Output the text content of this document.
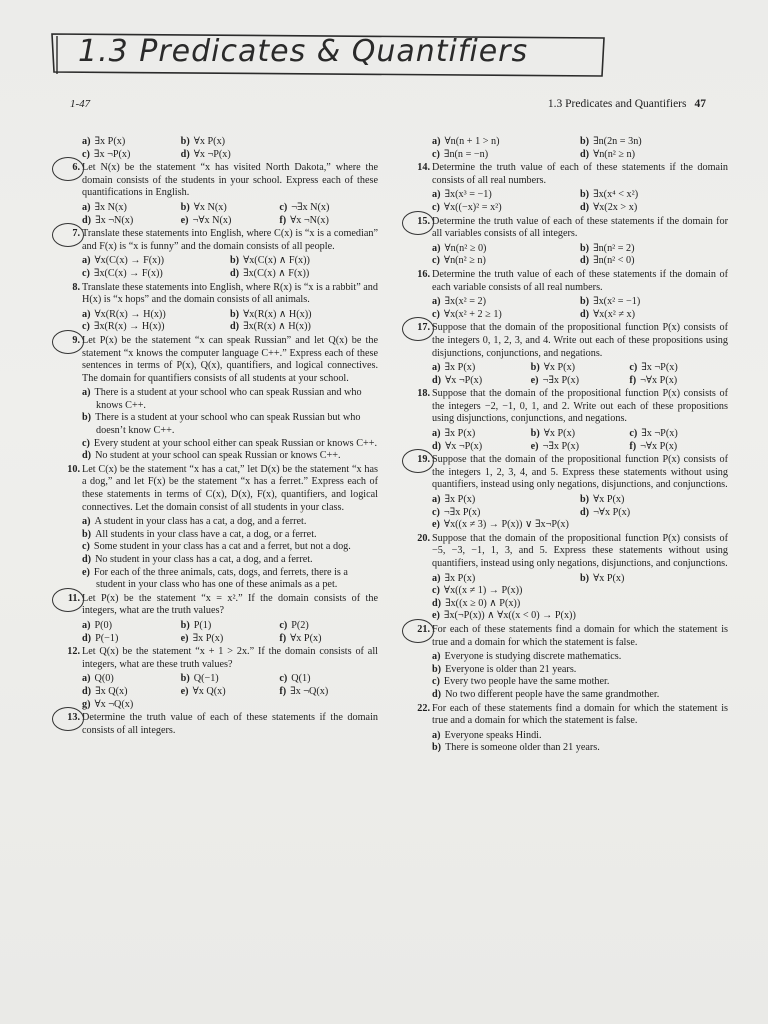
1.3 Predicates & Quantifiers
1-47	1.3 Predicates and Quantifiers 47
a) ∃x P(x)	b) ∀x P(x)
c) ∃x ¬P(x)	d) ∀x ¬P(x)
6. Let N(x) be the statement “x has visited North Dakota,” where the domain consists of the students in your school. Express each of these quantifications in English.
a) ∃x N(x)	b) ∀x N(x)	c) ¬∃x N(x)
d) ∃x ¬N(x)	e) ¬∀x N(x)	f) ∀x ¬N(x)
7. Translate these statements into English, where C(x) is “x is a comedian” and F(x) is “x is funny” and the domain consists of all people.
a) ∀x(C(x) → F(x))	b) ∀x(C(x) ∧ F(x))
c) ∃x(C(x) → F(x))	d) ∃x(C(x) ∧ F(x))
8. Translate these statements into English, where R(x) is “x is a rabbit” and H(x) is “x hops” and the domain consists of all animals.
a) ∀x(R(x) → H(x))	b) ∀x(R(x) ∧ H(x))
c) ∃x(R(x) → H(x))	d) ∃x(R(x) ∧ H(x))
9. Let P(x) be the statement “x can speak Russian” and let Q(x) be the statement “x knows the computer language C++.” Express each of these sentences in terms of P(x), Q(x), quantifiers, and logical connectives. The domain for quantifiers consists of all students at your school.
a) There is a student at your school who can speak Russian and who knows C++.
b) There is a student at your school who can speak Russian but who doesn’t know C++.
c) Every student at your school either can speak Russian or knows C++.
d) No student at your school can speak Russian or knows C++.
10. Let C(x) be the statement “x has a cat,” let D(x) be the statement “x has a dog,” and let F(x) be the statement “x has a ferret.” Express each of these statements in terms of C(x), D(x), F(x), quantifiers, and logical connectives. Let the domain consist of all students in your class.
a) A student in your class has a cat, a dog, and a ferret.
b) All students in your class have a cat, a dog, or a ferret.
c) Some student in your class has a cat and a ferret, but not a dog.
d) No student in your class has a cat, a dog, and a ferret.
e) For each of the three animals, cats, dogs, and ferrets, there is a student in your class who has one of these animals as a pet.
11. Let P(x) be the statement “x = x².” If the domain consists of the integers, what are the truth values?
a) P(0)	b) P(1)	c) P(2)
d) P(−1)	e) ∃x P(x)	f) ∀x P(x)
12. Let Q(x) be the statement “x + 1 > 2x.” If the domain consists of all integers, what are these truth values?
a) Q(0)	b) Q(−1)	c) Q(1)
d) ∃x Q(x)	e) ∀x Q(x)	f) ∃x ¬Q(x)
g) ∀x ¬Q(x)
13. Determine the truth value of each of these statements if the domain consists of all integers.
a) ∀n(n + 1 > n)	b) ∃n(2n = 3n)
c) ∃n(n = −n)	d) ∀n(n² ≥ n)
14. Determine the truth value of each of these statements if the domain consists of all real numbers.
a) ∃x(x³ = −1)	b) ∃x(x⁴ < x²)
c) ∀x((−x)² = x²)	d) ∀x(2x > x)
15. Determine the truth value of each of these statements if the domain for all variables consists of all integers.
a) ∀n(n² ≥ 0)	b) ∃n(n² = 2)
c) ∀n(n² ≥ n)	d) ∃n(n² < 0)
16. Determine the truth value of each of these statements if the domain of each variable consists of all real numbers.
a) ∃x(x² = 2)	b) ∃x(x² = −1)
c) ∀x(x² + 2 ≥ 1)	d) ∀x(x² ≠ x)
17. Suppose that the domain of the propositional function P(x) consists of the integers 0, 1, 2, 3, and 4. Write out each of these propositions using disjunctions, conjunctions, and negations.
a) ∃x P(x)	b) ∀x P(x)	c) ∃x ¬P(x)
d) ∀x ¬P(x)	e) ¬∃x P(x)	f) ¬∀x P(x)
18. Suppose that the domain of the propositional function P(x) consists of the integers −2, −1, 0, 1, and 2. Write out each of these propositions using disjunctions, conjunctions, and negations.
a) ∃x P(x)	b) ∀x P(x)	c) ∃x ¬P(x)
d) ∀x ¬P(x)	e) ¬∃x P(x)	f) ¬∀x P(x)
19. Suppose that the domain of the propositional function P(x) consists of the integers 1, 2, 3, 4, and 5. Express these statements without using quantifiers, instead using only negations, disjunctions, and conjunctions.
a) ∃x P(x)	b) ∀x P(x)
c) ¬∃x P(x)	d) ¬∀x P(x)
e) ∀x((x ≠ 3) → P(x)) ∨ ∃x¬P(x)
20. Suppose that the domain of the propositional function P(x) consists of −5, −3, −1, 1, 3, and 5. Express these statements without using quantifiers, instead using only negations, disjunctions, and conjunctions.
a) ∃x P(x)	b) ∀x P(x)
c) ∀x((x ≠ 1) → P(x))
d) ∃x((x ≥ 0) ∧ P(x))
e) ∃x(¬P(x)) ∧ ∀x((x < 0) → P(x))
21. For each of these statements find a domain for which the statement is true and a domain for which the statement is false.
a) Everyone is studying discrete mathematics.
b) Everyone is older than 21 years.
c) Every two people have the same mother.
d) No two different people have the same grandmother.
22. For each of these statements find a domain for which the statement is true and a domain for which the statement is false.
a) Everyone speaks Hindi.
b) There is someone older than 21 years.
